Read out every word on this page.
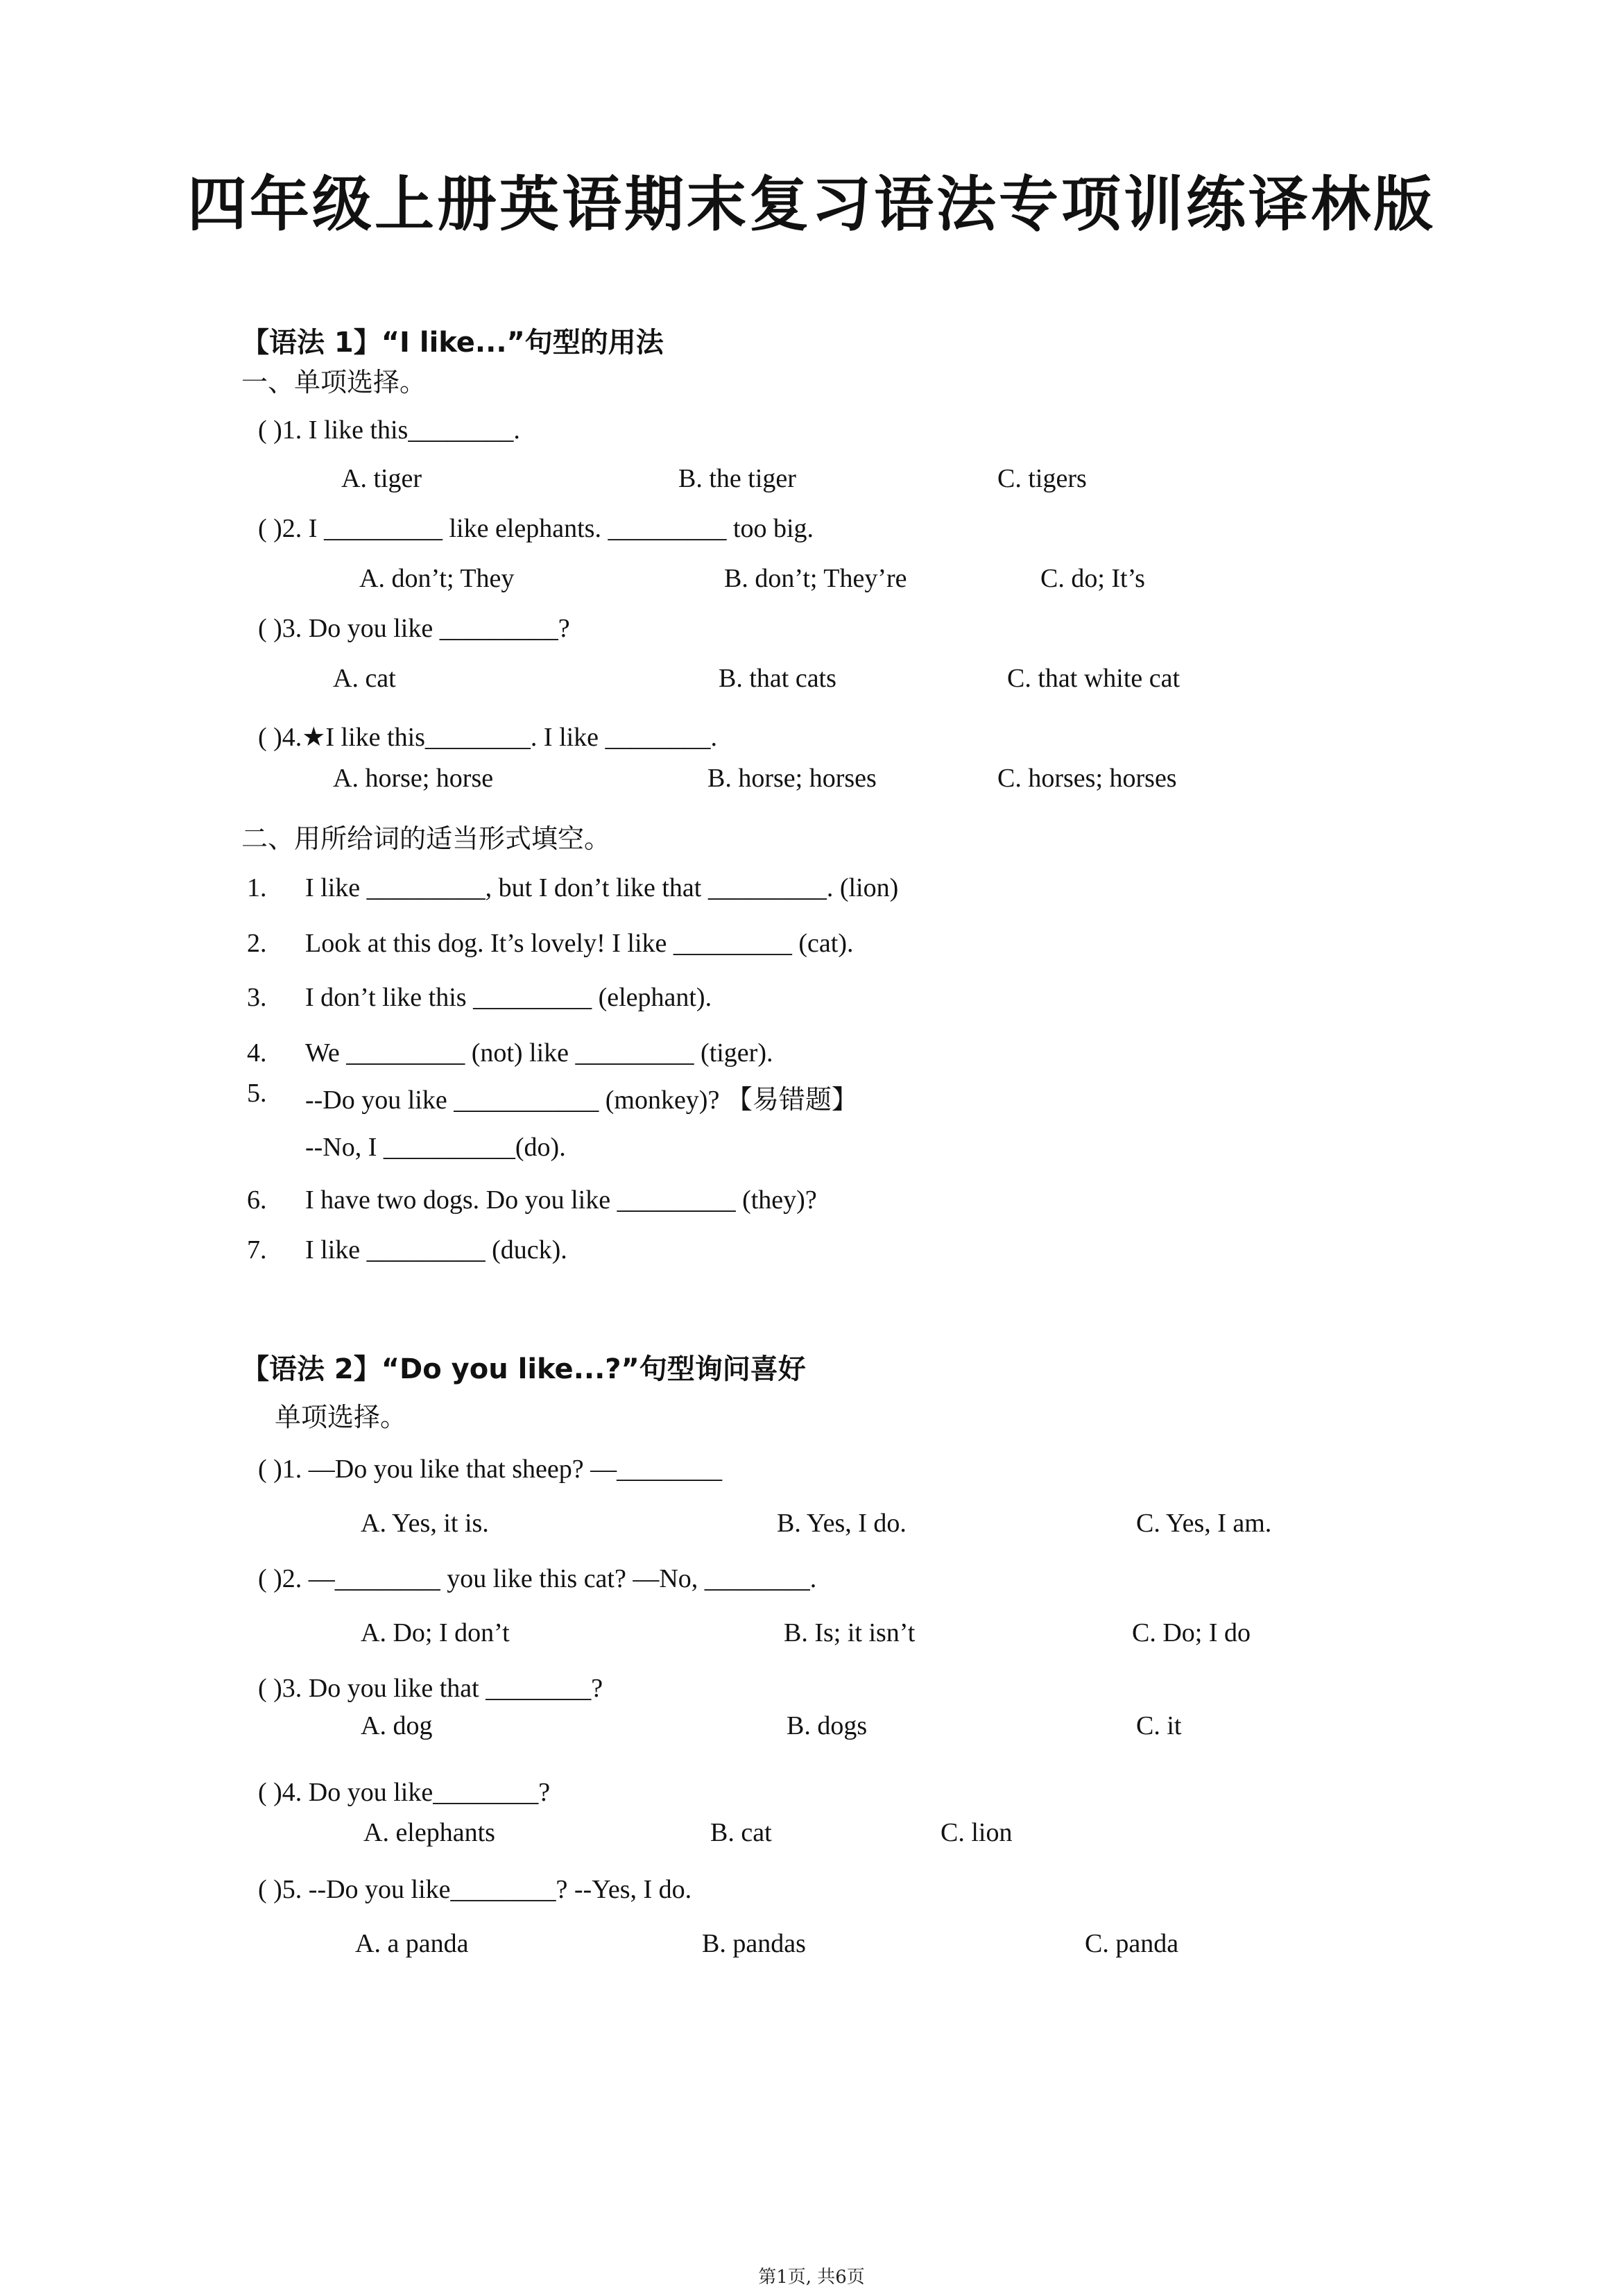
四年级上册英语期末复习语法专项训练译林版
【语法 1】“I like...”句型的用法
一、单项选择。
( )1. I like this________.
A. tiger	B. the tiger	C. tigers
( )2. I _________ like elephants. _________ too big.
A. don’t; They	B. don’t; They’re	C. do; It’s
( )3. Do you like _________?
A. cat	B. that cats	C. that white cat
( )4.★I like this________. I like ________.
A. horse; horse	B. horse; horses	C. horses; horses
二、用所给词的适当形式填空。
1. I like _________, but I don’t like that _________. (lion)
2. Look at this dog. It’s lovely! I like _________ (cat).
3. I don’t like this _________ (elephant).
4. We _________ (not) like _________ (tiger).
5. --Do you like ___________ (monkey)? 【易错题】
--No, I __________(do).
6. I have two dogs. Do you like _________ (they)?
7. I like _________ (duck).
【语法 2】“Do you like...?”句型询问喜好
单项选择。
( )1. —Do you like that sheep? —________
A. Yes, it is.	B. Yes, I do.	C. Yes, I am.
( )2. —________ you like this cat? —No, ________.
A. Do; I don’t	B. Is; it isn’t	C. Do; I do
( )3. Do you like that ________?
A. dog	B. dogs	C. it
( )4. Do you like________?
A. elephants	B. cat	C. lion
( )5. --Do you like________? --Yes, I do.
A. a panda	B. pandas	C. panda
第1页, 共6页
